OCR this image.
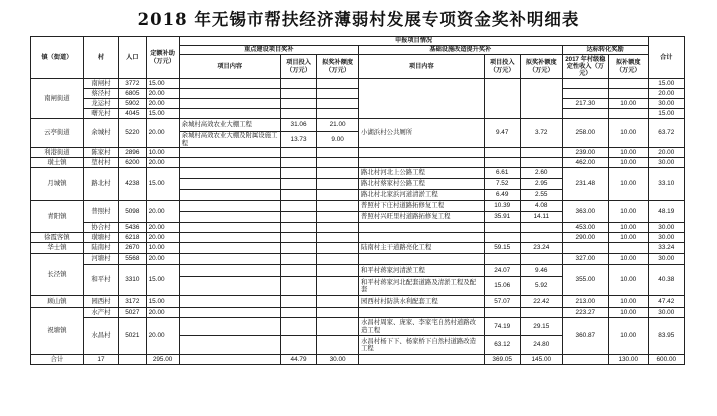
2018 年无锡市帮扶经济薄弱村发展专项资金奖补明细表
镇（街道）	村	人口	定额补助（万元）	申报项目情况								合计
				重点建设项目奖补			基础设施改造提升奖补			达标转化奖励		
				项目内容	项目投入（万元）	拟奖补额度（万元）	项目内容	项目投入（万元）	拟奖补额度（万元）	2017 年村级稳定性收入（万元）	拟补额度（万元）	
南闸街道	南闸村	3772	15.00									15.00
	蔡泾村	6805	20.00									20.00
	龙运村	5902	20.00							217.30	10.00	30.00
	曙光村	4045	15.00									15.00
云亭街道	余城村	5220	20.00	余城村高效农业大棚工程	31.06	21.00	小湖浜村公共厕所	9.47	3.72	258.00	10.00	63.72
				余城村高效农业大棚及附属设施工程	13.73	9.00						
利港街道	陈家村	2896	10.00							239.00	10.00	20.00
璜土镇	堃村村	6200	20.00							462.00	10.00	30.00
月城镇	路北村	4238	15.00				路北村河北上公路工程	6.61	2.60	231.48	10.00	33.10
							路北村蔡家村公路工程	7.52	2.95			
							路北村北家浜河道清淤工程	6.49	2.55			
青阳镇	普照村	5098	20.00				普照村下庄村道路拓修复工程	10.39	4.08	363.00	10.00	48.19
							普照村兴旺里村道路拓修复工程	35.91	14.11			
	协合村	5436	20.00							453.00	10.00	30.00
徐霞客镇	璜塘村	6218	20.00							290.00	10.00	30.00
华士镇	陆南村	2670	10.00				陆南村主干道路亮化工程	59.15	23.24			33.24
长泾镇	河塘村	5568	20.00							327.00	10.00	30.00
	和平村	3310	15.00				和平村蒋家河清淤工程	24.07	9.46	355.00	10.00	40.38
							和平村蒋家河北配套道路及清淤工程及配套	15.06	5.92			
顾山镇	园西村	3172	15.00				园西村村防洪水利配套工程	57.07	22.42	213.00	10.00	47.42
祝塘镇	水产村	5027	20.00							223.27	10.00	30.00
	水昌村	5021	20.00				水昌村周家、庞家、李家宅自然村道路改造工程	74.19	29.15	360.87	10.00	83.95
							水昌村杨下下、杨家桥下自然村道路改造工程	63.12	24.80			
合计	17		295.00		44.79	30.00		369.05	145.00		130.00	600.00
